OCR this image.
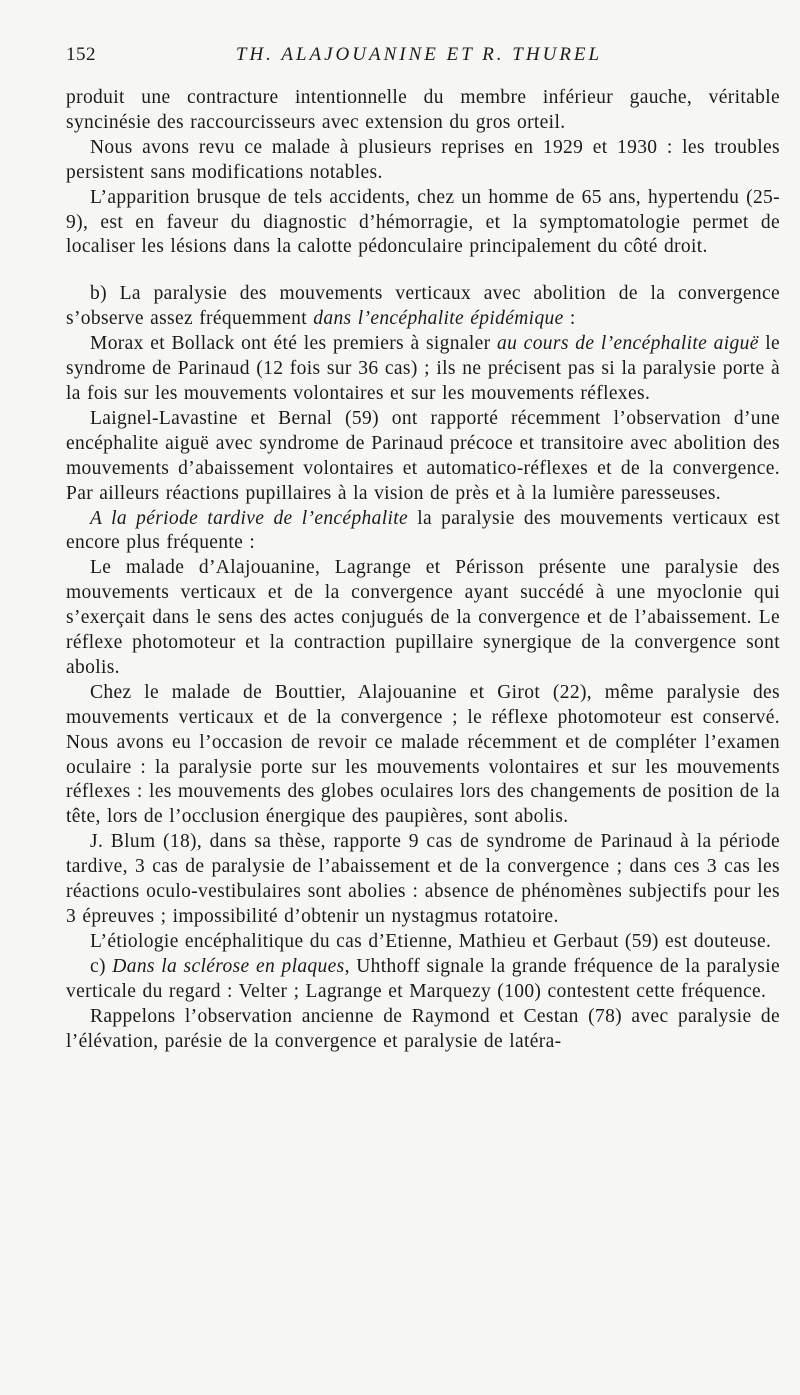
152	TH. ALAJOUANINE ET R. THUREL

produit une contracture intentionnelle du membre inférieur gauche, véritable syncinésie des raccourcisseurs avec extension du gros orteil.

Nous avons revu ce malade à plusieurs reprises en 1929 et 1930 : les troubles persistent sans modifications notables.

L’apparition brusque de tels accidents, chez un homme de 65 ans, hypertendu (25-9), est en faveur du diagnostic d’hémorragie, et la symptomatologie permet de localiser les lésions dans la calotte pédonculaire principalement du côté droit.

b) La paralysie des mouvements verticaux avec abolition de la convergence s’observe assez fréquemment dans l’encéphalite épidémique :

Morax et Bollack ont été les premiers à signaler au cours de l’encéphalite aiguë le syndrome de Parinaud (12 fois sur 36 cas) ; ils ne précisent pas si la paralysie porte à la fois sur les mouvements volontaires et sur les mouvements réflexes.

Laignel-Lavastine et Bernal (59) ont rapporté récemment l’observation d’une encéphalite aiguë avec syndrome de Parinaud précoce et transitoire avec abolition des mouvements d’abaissement volontaires et automatico-réflexes et de la convergence. Par ailleurs réactions pupillaires à la vision de près et à la lumière paresseuses.

A la période tardive de l’encéphalite la paralysie des mouvements verticaux est encore plus fréquente :

Le malade d’Alajouanine, Lagrange et Périsson présente une paralysie des mouvements verticaux et de la convergence ayant succédé à une myoclonie qui s’exerçait dans le sens des actes conjugués de la convergence et de l’abaissement. Le réflexe photomoteur et la contraction pupillaire synergique de la convergence sont abolis.

Chez le malade de Bouttier, Alajouanine et Girot (22), même paralysie des mouvements verticaux et de la convergence ; le réflexe photomoteur est conservé. Nous avons eu l’occasion de revoir ce malade récemment et de compléter l’examen oculaire : la paralysie porte sur les mouvements volontaires et sur les mouvements réflexes : les mouvements des globes oculaires lors des changements de position de la tête, lors de l’occlusion énergique des paupières, sont abolis.

J. Blum (18), dans sa thèse, rapporte 9 cas de syndrome de Parinaud à la période tardive, 3 cas de paralysie de l’abaissement et de la convergence ; dans ces 3 cas les réactions oculo-vestibulaires sont abolies : absence de phénomènes subjectifs pour les 3 épreuves ; impossibilité d’obtenir un nystagmus rotatoire.

L’étiologie encéphalitique du cas d’Etienne, Mathieu et Gerbaut (59) est douteuse.

c) Dans la sclérose en plaques, Uhthoff signale la grande fréquence de la paralysie verticale du regard : Velter ; Lagrange et Marquezy (100) contestent cette fréquence.

Rappelons l’observation ancienne de Raymond et Cestan (78) avec paralysie de l’élévation, parésie de la convergence et paralysie de latéra-
